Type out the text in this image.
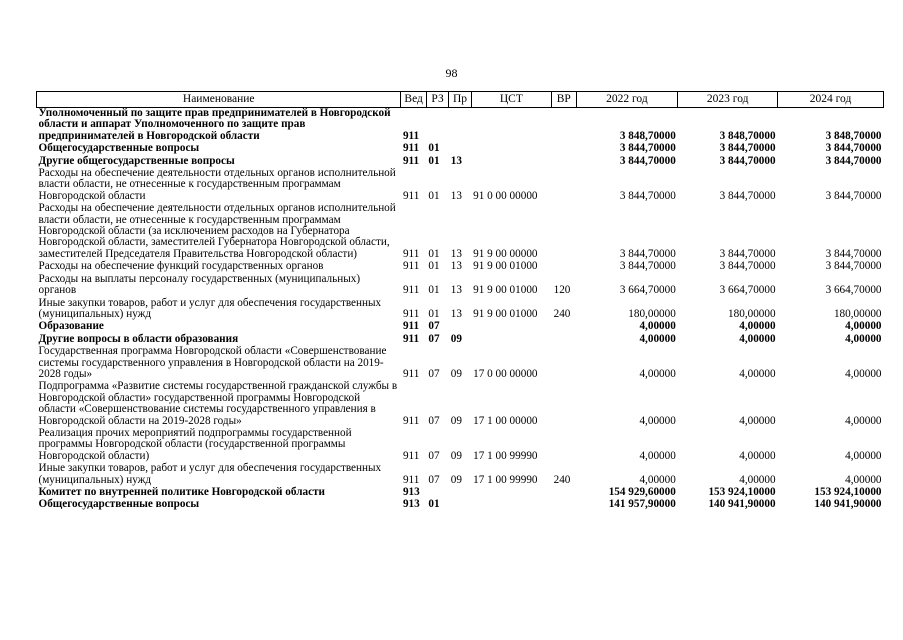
98
Наименование	Вед	РЗ	Пр	ЦСТ	ВР	2022 год	2023 год	2024 год
Уполномоченный по защите прав предпринимателей в Новгородской области и аппарат Уполномоченного по защите прав предпринимателей в Новгородской области	911					3 848,70000	3 848,70000	3 848,70000
Общегосударственные вопросы	911	01				3 844,70000	3 844,70000	3 844,70000
Другие общегосударственные вопросы	911	01	13			3 844,70000	3 844,70000	3 844,70000
Расходы на обеспечение деятельности отдельных органов исполнительной власти области, не отнесенные к государственным программам Новгородской области	911	01	13	91 0 00 00000		3 844,70000	3 844,70000	3 844,70000
Расходы на обеспечение деятельности отдельных органов исполнительной власти области, не отнесенные к государственным программам Новгородской области (за исключением расходов на Губернатора Новгородской области, заместителей Губернатора Новгородской области, заместителей Председателя Правительства Новгородской области)	911	01	13	91 9 00 00000		3 844,70000	3 844,70000	3 844,70000
Расходы на обеспечение функций государственных органов	911	01	13	91 9 00 01000		3 844,70000	3 844,70000	3 844,70000
Расходы на выплаты персоналу государственных (муниципальных) органов	911	01	13	91 9 00 01000	120	3 664,70000	3 664,70000	3 664,70000
Иные закупки товаров, работ и услуг для обеспечения государственных (муниципальных) нужд	911	01	13	91 9 00 01000	240	180,00000	180,00000	180,00000
Образование	911	07				4,00000	4,00000	4,00000
Другие вопросы в области образования	911	07	09			4,00000	4,00000	4,00000
Государственная программа Новгородской области «Совершенствование системы государственного управления в Новгородской области на 2019-2028 годы»	911	07	09	17 0 00 00000		4,00000	4,00000	4,00000
Подпрограмма «Развитие системы государственной гражданской службы в Новгородской области» государственной программы Новгородской области «Совершенствование системы государственного управления в Новгородской области на 2019-2028 годы»	911	07	09	17 1 00 00000		4,00000	4,00000	4,00000
Реализация прочих мероприятий подпрограммы государственной программы Новгородской области (государственной программы Новгородской области)	911	07	09	17 1 00 99990		4,00000	4,00000	4,00000
Иные закупки товаров, работ и услуг для обеспечения государственных (муниципальных) нужд	911	07	09	17 1 00 99990	240	4,00000	4,00000	4,00000
Комитет по внутренней политике Новгородской области	913					154 929,60000	153 924,10000	153 924,10000
Общегосударственные вопросы	913	01				141 957,90000	140 941,90000	140 941,90000
